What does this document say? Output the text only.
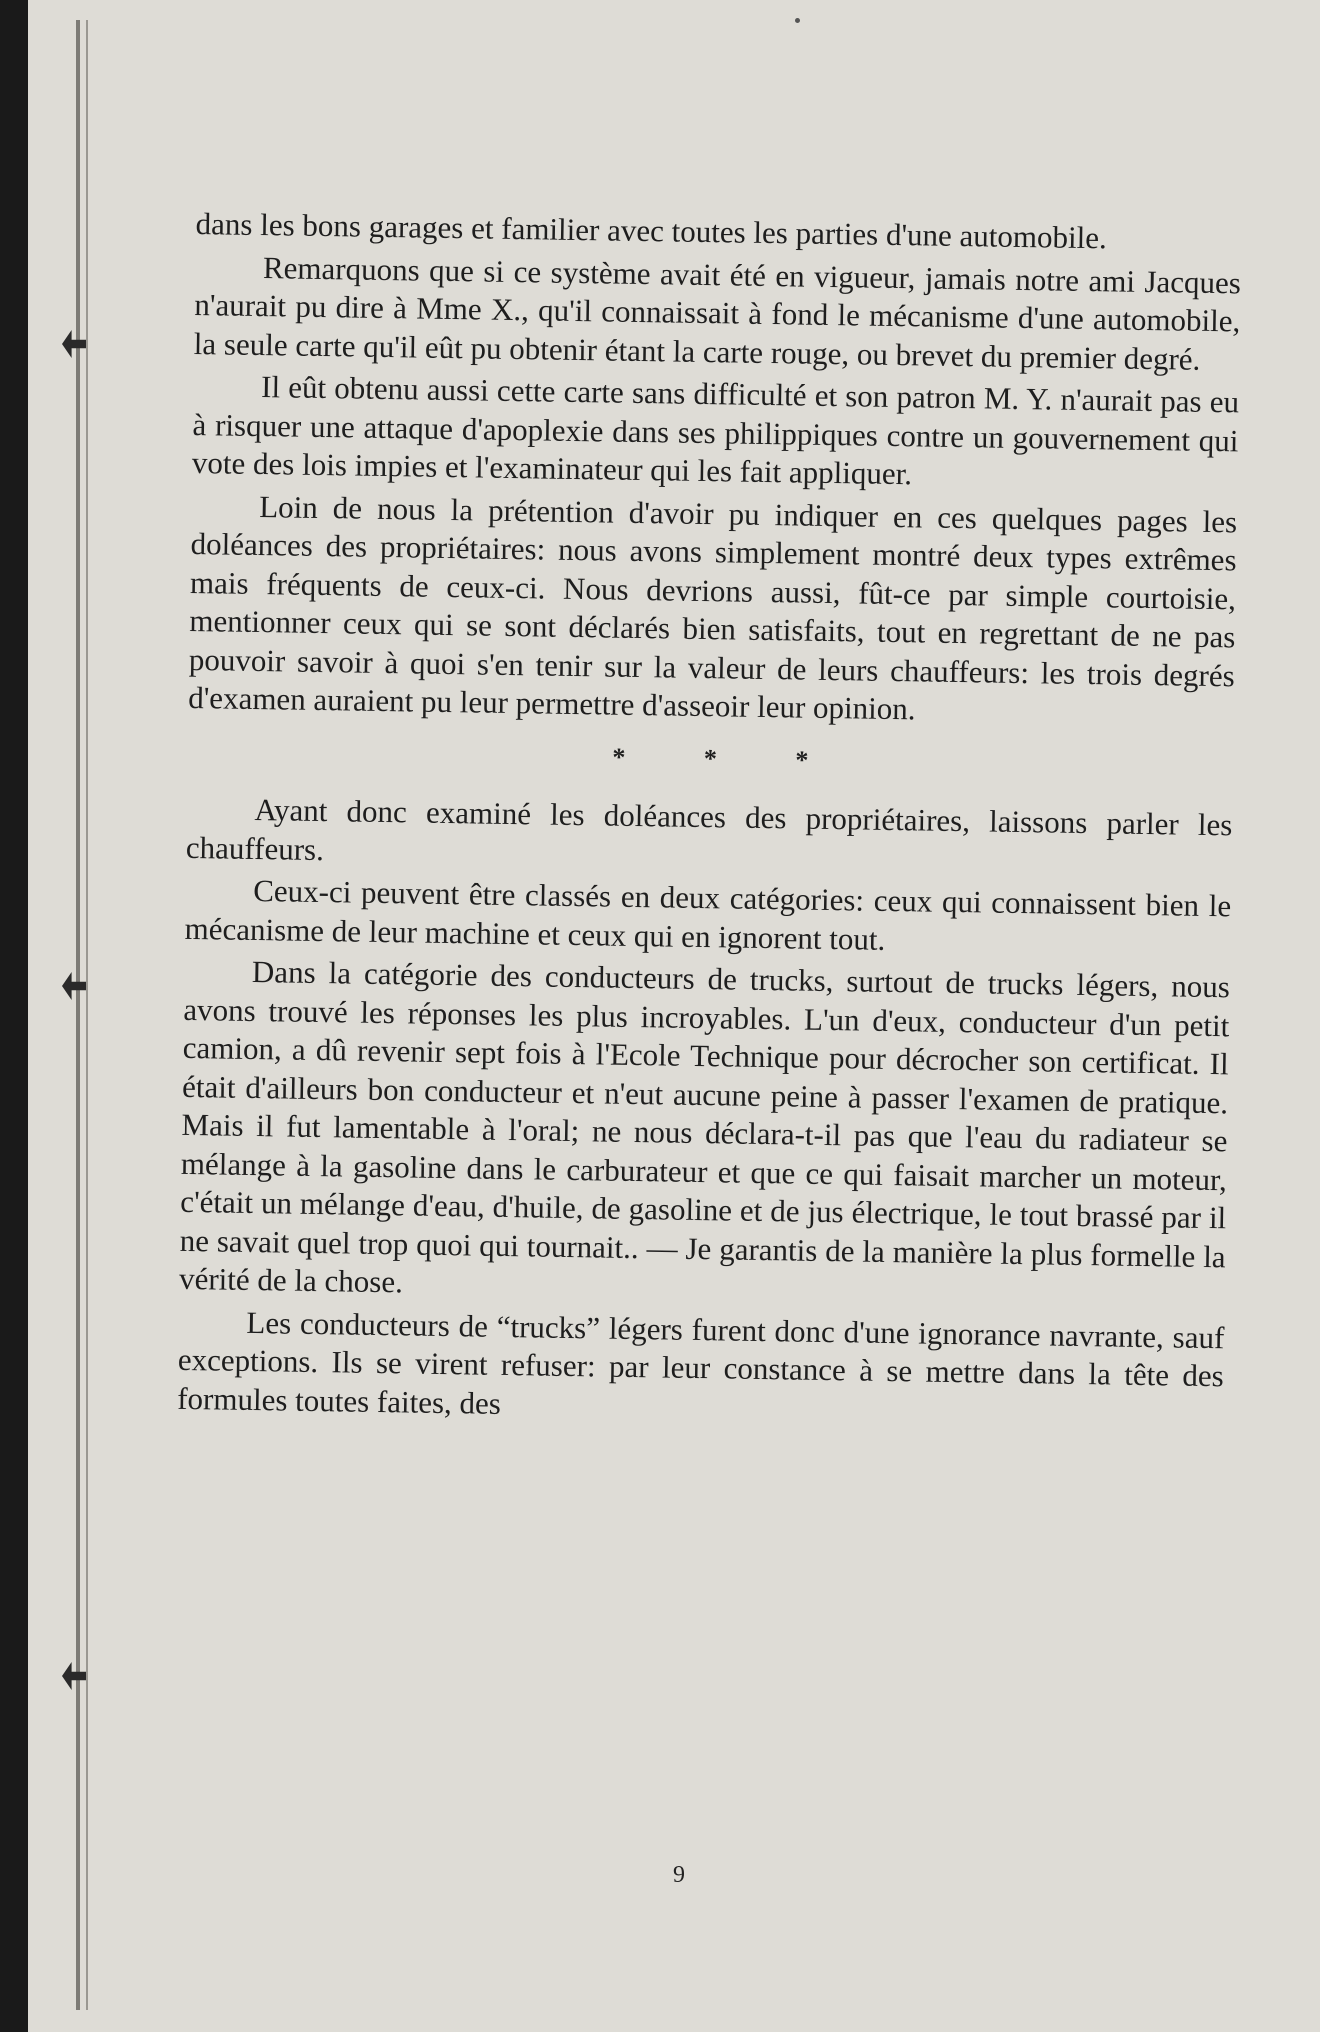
dans les bons garages et familier avec toutes les parties d'une automobile.

Remarquons que si ce système avait été en vigueur, jamais notre ami Jacques n'aurait pu dire à Mme X., qu'il connaissait à fond le mécanisme d'une automobile, la seule carte qu'il eût pu obtenir étant la carte rouge, ou brevet du premier degré.

Il eût obtenu aussi cette carte sans difficulté et son patron M. Y. n'aurait pas eu à risquer une attaque d'apoplexie dans ses philippiques contre un gouvernement qui vote des lois impies et l'examinateur qui les fait appliquer.

Loin de nous la prétention d'avoir pu indiquer en ces quelques pages les doléances des propriétaires: nous avons simplement montré deux types extrêmes mais fréquents de ceux-ci. Nous devrions aussi, fût-ce par simple courtoisie, mentionner ceux qui se sont déclarés bien satisfaits, tout en regrettant de ne pas pouvoir savoir à quoi s'en tenir sur la valeur de leurs chauffeurs: les trois degrés d'examen auraient pu leur permettre d'asseoir leur opinion.

* * *

Ayant donc examiné les doléances des propriétaires, laissons parler les chauffeurs.

Ceux-ci peuvent être classés en deux catégories: ceux qui connaissent bien le mécanisme de leur machine et ceux qui en ignorent tout.

Dans la catégorie des conducteurs de trucks, surtout de trucks légers, nous avons trouvé les réponses les plus incroyables. L'un d'eux, conducteur d'un petit camion, a dû revenir sept fois à l'Ecole Technique pour décrocher son certificat. Il était d'ailleurs bon conducteur et n'eut aucune peine à passer l'examen de pratique. Mais il fut lamentable à l'oral; ne nous déclara-t-il pas que l'eau du radiateur se mélange à la gasoline dans le carburateur et que ce qui faisait marcher un moteur, c'était un mélange d'eau, d'huile, de gasoline et de jus électrique, le tout brassé par il ne savait quel trop quoi qui tournait.. — Je garantis de la manière la plus formelle la vérité de la chose.

Les conducteurs de “trucks” légers furent donc d'une ignorance navrante, sauf exceptions. Ils se virent refuser: par leur constance à se mettre dans la tête des formules toutes faites, des

9
